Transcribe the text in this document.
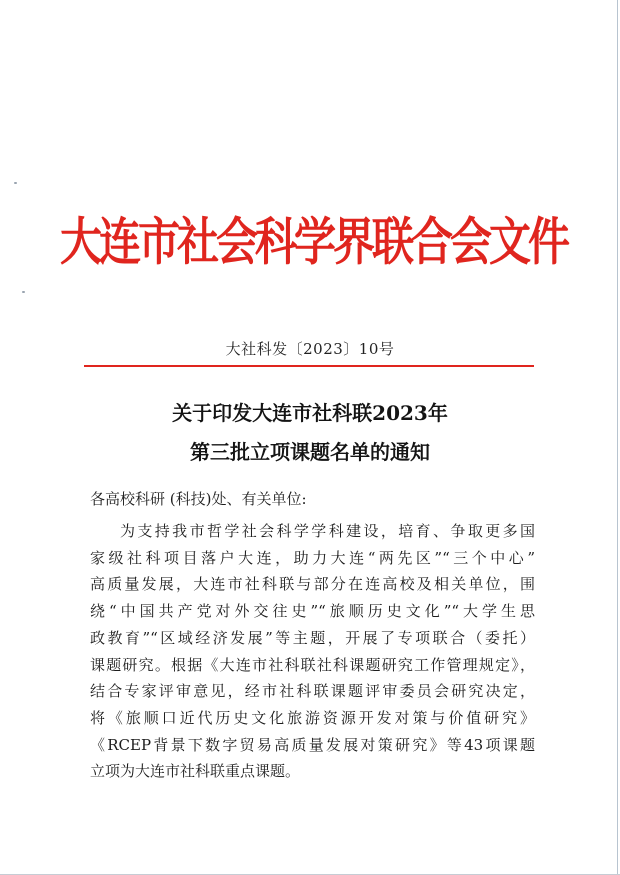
大连市社会科学界联合会文件
大社科发〔2023〕10号
关于印发大连市社科联2023年
第三批立项课题名单的通知
各高校科研 (科技)处、有关单位:
为支持我市哲学社会科学学科建设，培育、争取更多国
家级社科项目落户大连，助力大连“两先区”“三个中心”
高质量发展，大连市社科联与部分在连高校及相关单位，围
绕“中国共产党对外交往史”“旅顺历史文化”“大学生思
政教育”“区域经济发展”等主题，开展了专项联合（委托）
课题研究。根据《大连市社科联社科课题研究工作管理规定》，
结合专家评审意见，经市社科联课题评审委员会研究决定，
将《旅顺口近代历史文化旅游资源开发对策与价值研究》
《RCEP背景下数字贸易高质量发展对策研究》等43项课题
立项为大连市社科联重点课题。
